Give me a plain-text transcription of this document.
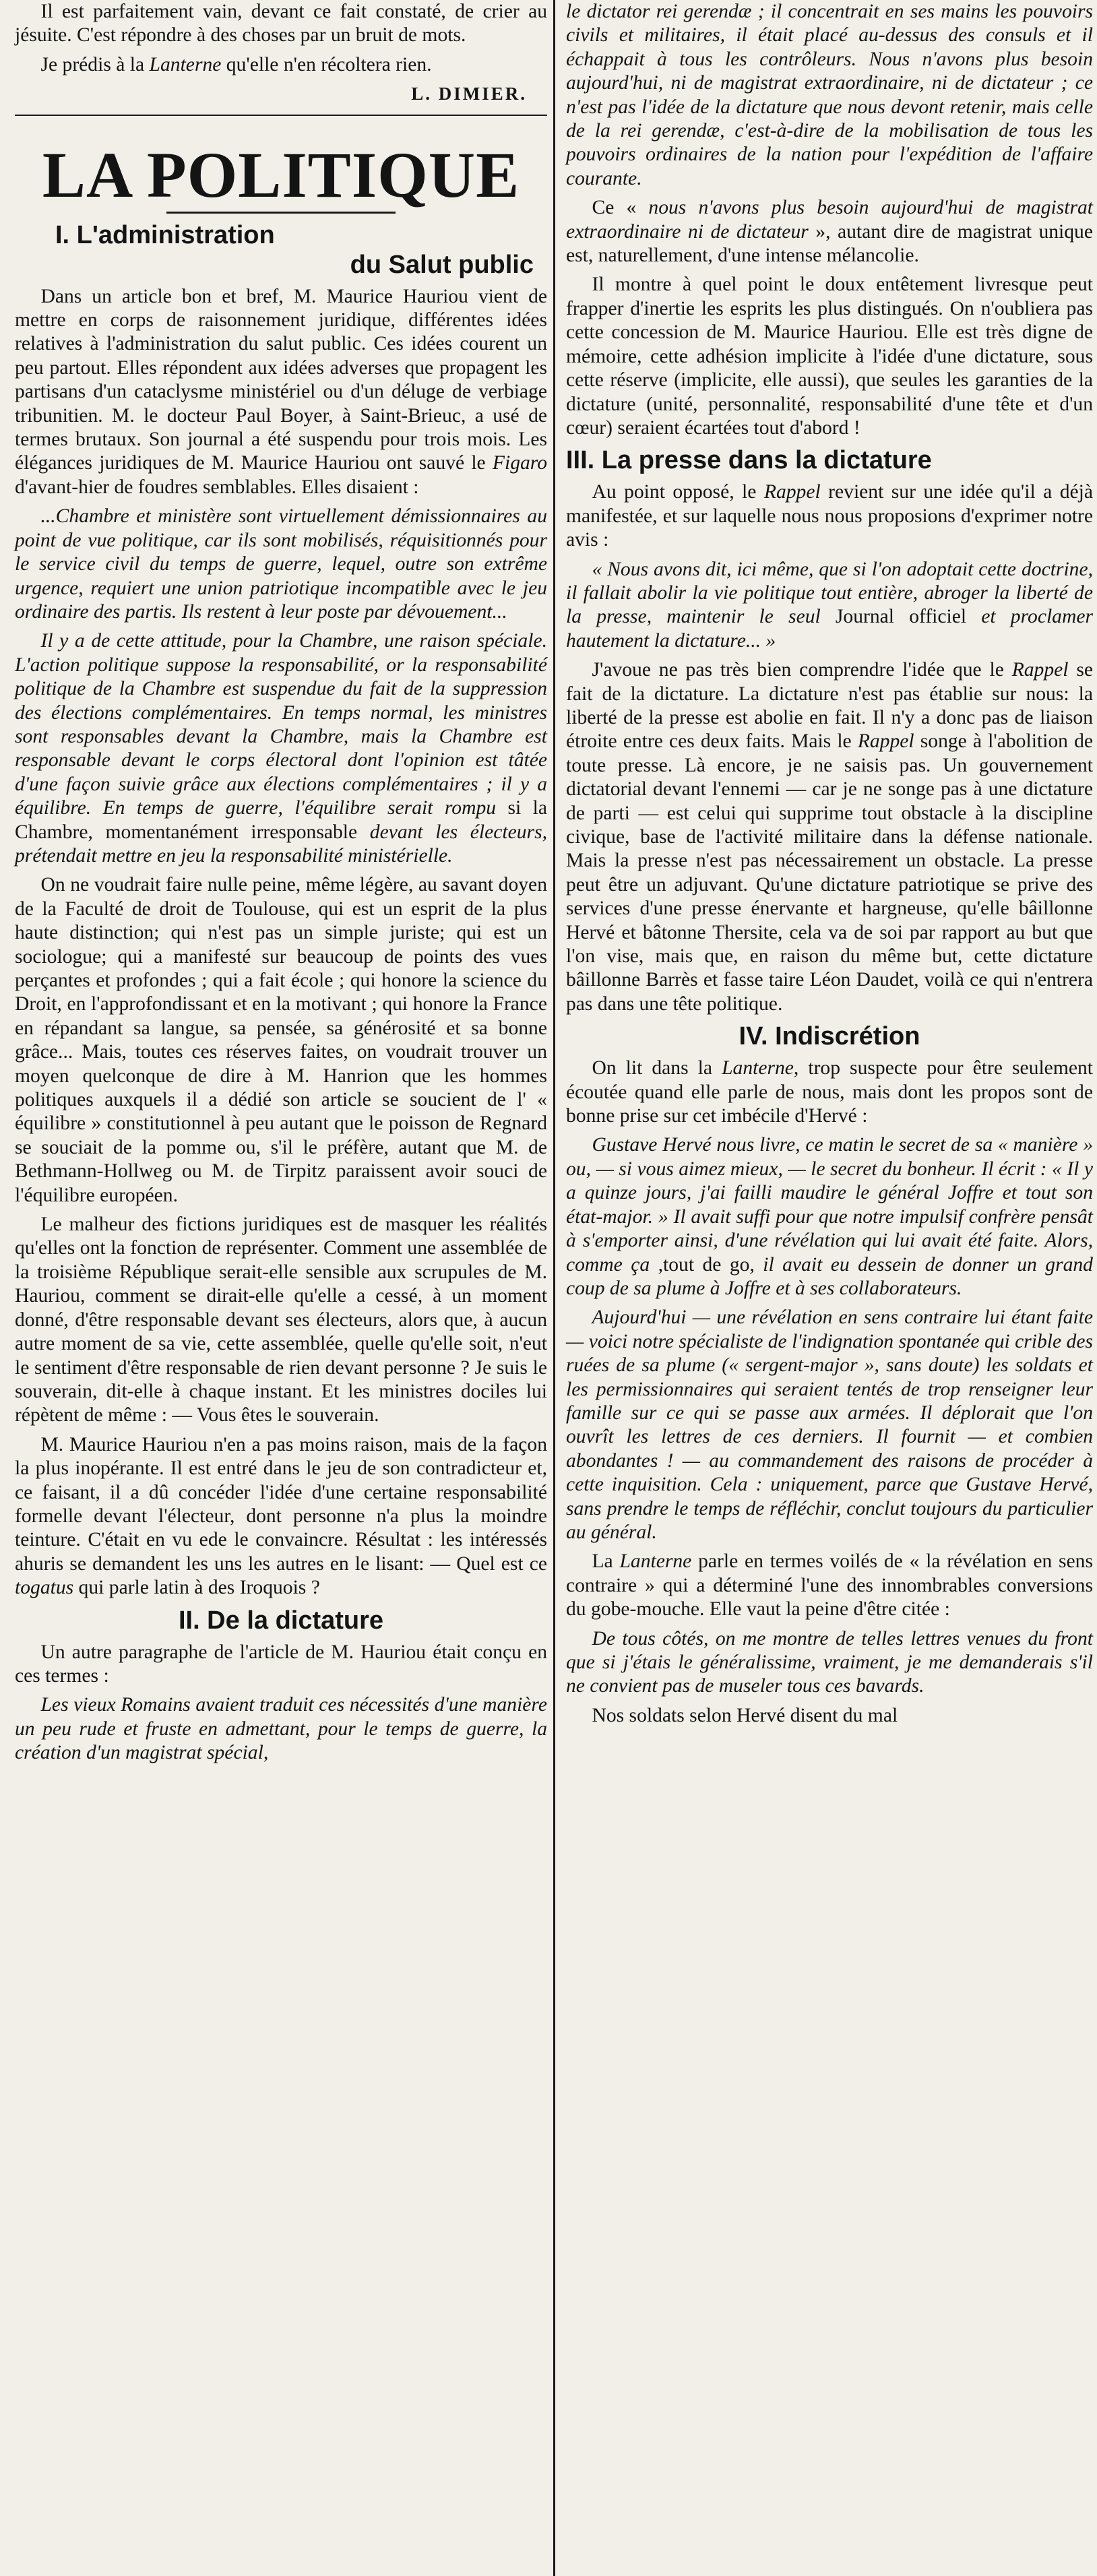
Il est parfaitement vain, devant ce fait constaté, de crier au jésuite. C'est répondre à des choses par un bruit de mots.

Je prédis à la Lanterne qu'elle n'en récoltera rien.

L. DIMIER.

LA POLITIQUE
I. L'administration
du Salut public

Dans un article bon et bref, M. Maurice Hauriou vient de mettre en corps de raisonnement juridique, différentes idées relatives à l'administration du salut public. Ces idées courent un peu partout. Elles répondent aux idées adverses que propagent les partisans d'un cataclysme ministériel ou d'un déluge de verbiage tribunitien. M. le docteur Paul Boyer, à Saint-Brieuc, a usé de termes brutaux. Son journal a été suspendu pour trois mois. Les élégances juridiques de M. Maurice Hauriou ont sauvé le Figaro d'avant-hier de foudres semblables. Elles disaient :

...Chambre et ministère sont virtuellement démissionnaires au point de vue politique, car ils sont mobilisés, réquisitionnés pour le service civil du temps de guerre, lequel, outre son extrême urgence, requiert une union patriotique incompatible avec le jeu ordinaire des partis. Ils restent à leur poste par dévouement...

Il y a de cette attitude, pour la Chambre, une raison spéciale. L'action politique suppose la responsabilité, or la responsabilité politique de la Chambre est suspendue du fait de la suppression des élections complémentaires. En temps normal, les ministres sont responsables devant la Chambre, mais la Chambre est responsable devant le corps électoral dont l'opinion est tâtée d'une façon suivie grâce aux élections complémentaires ; il y a équilibre. En temps de guerre, l'équilibre serait rompu si la Chambre, momentanément irresponsable devant les électeurs, prétendait mettre en jeu la responsabilité ministérielle.

On ne voudrait faire nulle peine, même légère, au savant doyen de la Faculté de droit de Toulouse, qui est un esprit de la plus haute distinction; qui n'est pas un simple juriste; qui est un sociologue; qui a manifesté sur beaucoup de points des vues perçantes et profondes ; qui a fait école ; qui honore la science du Droit, en l'approfondissant et en la motivant ; qui honore la France en répandant sa langue, sa pensée, sa générosité et sa bonne grâce... Mais, toutes ces réserves faites, on voudrait trouver un moyen quelconque de dire à M. Hanrion que les hommes politiques auxquels il a dédié son article se soucient de l' « équilibre » constitutionnel à peu autant que le poisson de Regnard se souciait de la pomme ou, s'il le préfère, autant que M. de Bethmann-Hollweg ou M. de Tirpitz paraissent avoir souci de l'équilibre européen.

Le malheur des fictions juridiques est de masquer les réalités qu'elles ont la fonction de représenter. Comment une assemblée de la troisième République serait-elle sensible aux scrupules de M. Hauriou, comment se dirait-elle qu'elle a cessé, à un moment donné, d'être responsable devant ses électeurs, alors que, à aucun autre moment de sa vie, cette assemblée, quelle qu'elle soit, n'eut le sentiment d'être responsable de rien devant personne ? Je suis le souverain, dit-elle à chaque instant. Et les ministres dociles lui répètent de même : — Vous êtes le souverain.

M. Maurice Hauriou n'en a pas moins raison, mais de la façon la plus inopérante. Il est entré dans le jeu de son contradicteur et, ce faisant, il a dû concéder l'idée d'une certaine responsabilité formelle devant l'électeur, dont personne n'a plus la moindre teinture. C'était en vu ede le convaincre. Résultat : les intéressés ahuris se demandent les uns les autres en le lisant: — Quel est ce togatus qui parle latin à des Iroquois ?

II. De la dictature

Un autre paragraphe de l'article de M. Hauriou était conçu en ces termes :

Les vieux Romains avaient traduit ces nécessités d'une manière un peu rude et fruste en admettant, pour le temps de guerre, la création d'un magistrat spécial,

le dictator rei gerendæ ; il concentrait en ses mains les pouvoirs civils et militaires, il était placé au-dessus des consuls et il échappait à tous les contrôleurs. Nous n'avons plus besoin aujourd'hui, ni de magistrat extraordinaire, ni de dictateur ; ce n'est pas l'idée de la dictature que nous devont retenir, mais celle de la rei gerendæ, c'est-à-dire de la mobilisation de tous les pouvoirs ordinaires de la nation pour l'expédition de l'affaire courante.

Ce « nous n'avons plus besoin aujourd'hui de magistrat extraordinaire ni de dictateur », autant dire de magistrat unique est, naturellement, d'une intense mélancolie.

Il montre à quel point le doux entêtement livresque peut frapper d'inertie les esprits les plus distingués. On n'oubliera pas cette concession de M. Maurice Hauriou. Elle est très digne de mémoire, cette adhésion implicite à l'idée d'une dictature, sous cette réserve (implicite, elle aussi), que seules les garanties de la dictature (unité, personnalité, responsabilité d'une tête et d'un cœur) seraient écartées tout d'abord !

III. La presse dans la dictature

Au point opposé, le Rappel revient sur une idée qu'il a déjà manifestée, et sur laquelle nous nous proposions d'exprimer notre avis :

« Nous avons dit, ici même, que si l'on adoptait cette doctrine, il fallait abolir la vie politique tout entière, abroger la liberté de la presse, maintenir le seul Journal officiel et proclamer hautement la dictature... »

J'avoue ne pas très bien comprendre l'idée que le Rappel se fait de la dictature. La dictature n'est pas établie sur nous: la liberté de la presse est abolie en fait. Il n'y a donc pas de liaison étroite entre ces deux faits. Mais le Rappel songe à l'abolition de toute presse. Là encore, je ne saisis pas. Un gouvernement dictatorial devant l'ennemi — car je ne songe pas à une dictature de parti — est celui qui supprime tout obstacle à la discipline civique, base de l'activité militaire dans la défense nationale. Mais la presse n'est pas nécessairement un obstacle. La presse peut être un adjuvant. Qu'une dictature patriotique se prive des services d'une presse énervante et hargneuse, qu'elle bâillonne Hervé et bâtonne Thersite, cela va de soi par rapport au but que l'on vise, mais que, en raison du même but, cette dictature bâillonne Barrès et fasse taire Léon Daudet, voilà ce qui n'entrera pas dans une tête politique.

IV. Indiscrétion

On lit dans la Lanterne, trop suspecte pour être seulement écoutée quand elle parle de nous, mais dont les propos sont de bonne prise sur cet imbécile d'Hervé :

Gustave Hervé nous livre, ce matin le secret de sa « manière » ou, — si vous aimez mieux, — le secret du bonheur. Il écrit : « Il y a quinze jours, j'ai failli maudire le général Joffre et tout son état-major. » Il avait suffi pour que notre impulsif confrère pensât à s'emporter ainsi, d'une révélation qui lui avait été faite. Alors, comme ça ,tout de go, il avait eu dessein de donner un grand coup de sa plume à Joffre et à ses collaborateurs.

Aujourd'hui — une révélation en sens contraire lui étant faite — voici notre spécialiste de l'indignation spontanée qui crible des ruées de sa plume (« sergent-major », sans doute) les soldats et les permissionnaires qui seraient tentés de trop renseigner leur famille sur ce qui se passe aux armées. Il déplorait que l'on ouvrît les lettres de ces derniers. Il fournit — et combien abondantes ! — au commandement des raisons de procéder à cette inquisition. Cela : uniquement, parce que Gustave Hervé, sans prendre le temps de réfléchir, conclut toujours du particulier au général.

La Lanterne parle en termes voilés de « la révélation en sens contraire » qui a déterminé l'une des innombrables conversions du gobe-mouche. Elle vaut la peine d'être citée :

De tous côtés, on me montre de telles lettres venues du front que si j'étais le généralissime, vraiment, je me demanderais s'il ne convient pas de museler tous ces bavards.

Nos soldats selon Hervé disent du mal
